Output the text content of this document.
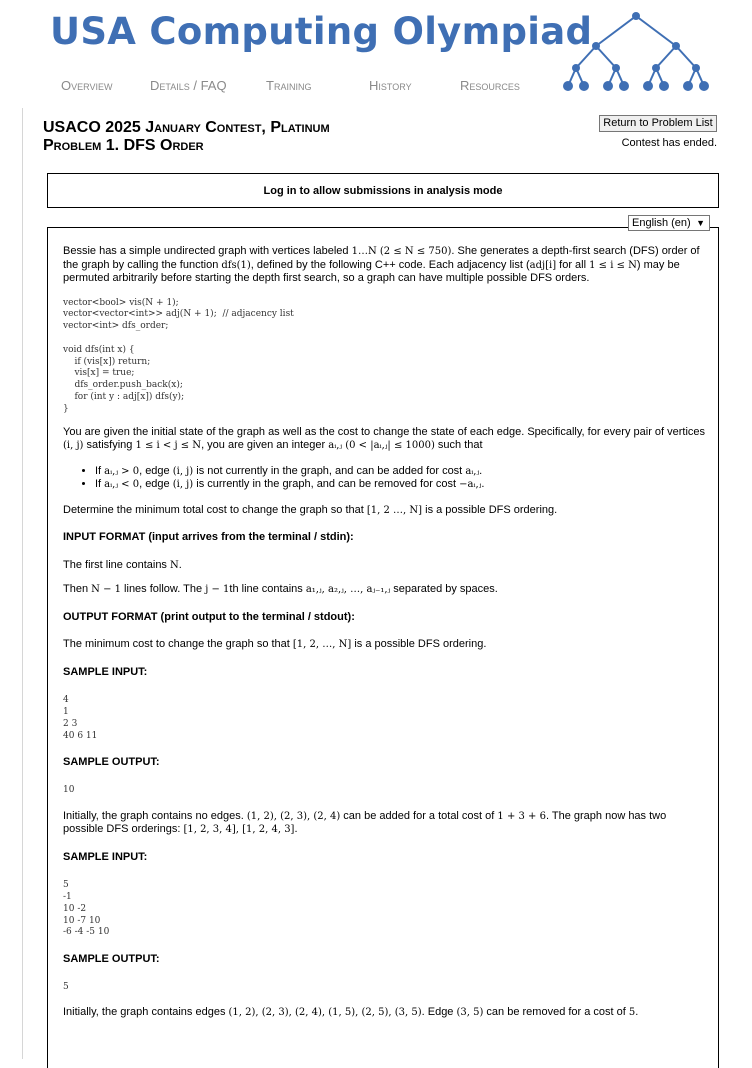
USA Computing Olympiad
Overview	Details / FAQ	Training	History	Resources
USACO 2025 January Contest, Platinum
Problem 1. DFS Order
Return to Problem List
Contest has ended.
Log in to allow submissions in analysis mode
English (en) ▼

Bessie has a simple undirected graph with vertices labeled 1…N (2 ≤ N ≤ 750). She generates a depth-first search (DFS) order of the graph by calling the function dfs(1), defined by the following C++ code. Each adjacency list (adj[i] for all 1 ≤ i ≤ N) may be permuted arbitrarily before starting the depth first search, so a graph can have multiple possible DFS orders.

vector<bool> vis(N + 1);
vector<vector<int>> adj(N + 1);  // adjacency list
vector<int> dfs_order;
void dfs(int x) {
if (vis[x]) return;
vis[x] = true;
dfs_order.push_back(x);
for (int y : adj[x]) dfs(y);
}

You are given the initial state of the graph as well as the cost to change the state of each edge. Specifically, for every pair of vertices (i, j) satisfying 1 ≤ i < j ≤ N, you are given an integer aᵢ,ⱼ (0 < |aᵢ,ⱼ| ≤ 1000) such that

• If aᵢ,ⱼ > 0, edge (i, j) is not currently in the graph, and can be added for cost aᵢ,ⱼ.
• If aᵢ,ⱼ < 0, edge (i, j) is currently in the graph, and can be removed for cost −aᵢ,ⱼ.

Determine the minimum total cost to change the graph so that [1, 2 …, N] is a possible DFS ordering.

INPUT FORMAT (input arrives from the terminal / stdin):

The first line contains N.

Then N − 1 lines follow. The j − 1th line contains a₁,ⱼ, a₂,ⱼ, …, aⱼ₋₁,ⱼ separated by spaces.

OUTPUT FORMAT (print output to the terminal / stdout):

The minimum cost to change the graph so that [1, 2, …, N] is a possible DFS ordering.

SAMPLE INPUT:

4
1
2 3
40 6 11

SAMPLE OUTPUT:

10

Initially, the graph contains no edges. (1, 2), (2, 3), (2, 4) can be added for a total cost of 1 + 3 + 6. The graph now has two possible DFS orderings: [1, 2, 3, 4], [1, 2, 4, 3].

SAMPLE INPUT:

5
-1
10 -2
10 -7 10
-6 -4 -5 10

SAMPLE OUTPUT:

5

Initially, the graph contains edges (1, 2), (2, 3), (2, 4), (1, 5), (2, 5), (3, 5). Edge (3, 5) can be removed for a cost of 5.
